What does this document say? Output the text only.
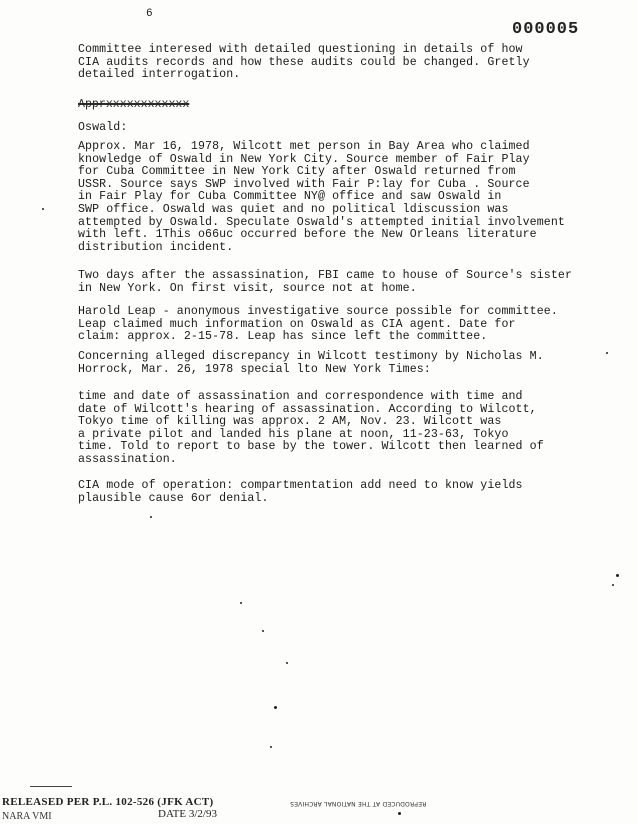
6
000005

Committee interesed with detailed questioning in details of how
CIA audits records and how these audits could be changed. Gretly
detailed interrogation.

Apprxxxxxxxxxxxx

Oswald:

Approx. Mar 16, 1978, Wilcott met person in Bay Area who claimed
knowledge of Oswald in New York City. Source member of Fair Play
for Cuba Committee in New York City after Oswald returned from
USSR. Source says SWP involved with Fair P:lay for Cuba . Source
in Fair Play for Cuba Committee NY@ office and saw Oswald in
SWP office. Oswald was quiet and no political ldiscussion was
attempted by Oswald. Speculate Oswald's attempted initial involvement
with left. 1This o66uc occurred before the New Orleans literature
distribution incident.

Two days after the assassination, FBI came to house of Source's sister
in New York. On first visit, source not at home.

Harold Leap - anonymous investigative source possible for committee.
Leap claimed much information on Oswald as CIA agent. Date for
claim: approx. 2-15-78. Leap has since left the committee.

Concerning alleged discrepancy in Wilcott testimony by Nicholas M.
Horrock, Mar. 26, 1978 special lto New York Times:

time and date of assassination and correspondence with time and
date of Wilcott's hearing of assassination. According to Wilcott,
Tokyo time of killing was approx. 2 AM, Nov. 23. Wilcott was
a private pilot and landed his plane at noon, 11-23-63, Tokyo
time. Told to report to base by the tower. Wilcott then learned of
assassination.

CIA mode of operation: compartmentation add need to know yields
plausible cause 6or denial.

RELEASED PER P.L. 102-526 (JFK ACT)
NARA VMI	DATE 3/2/93
REPRODUCED AT THE NATIONAL ARCHIVES
